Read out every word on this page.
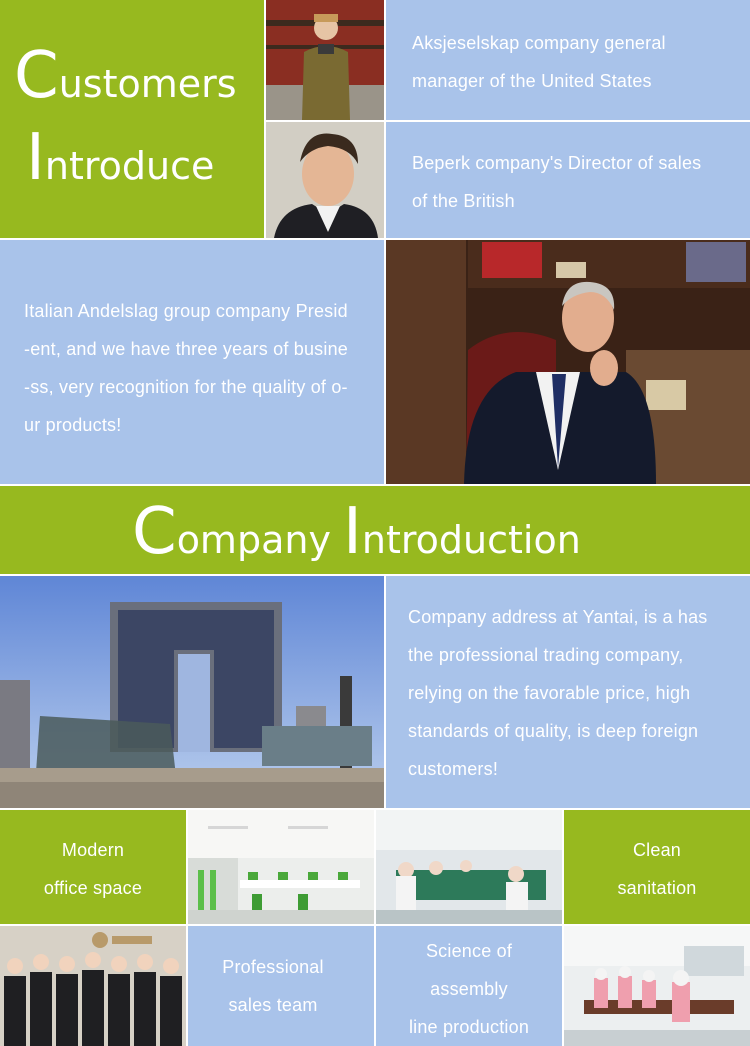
Customers
Introduce
Aksjeselskap company general
manager of the United States
Beperk company's Director of sales
of the British
Italian Andelslag group company Presid
-ent, and we have three years of busine
-ss, very recognition for the quality of o-
ur products!
Company Introduction
Company address at Yantai, is a has
the professional trading company,
relying on the favorable price, high
standards of quality, is deep foreign
customers!
Modern
office space
Clean
sanitation
Professional
sales team
Science of
assembly
line production
